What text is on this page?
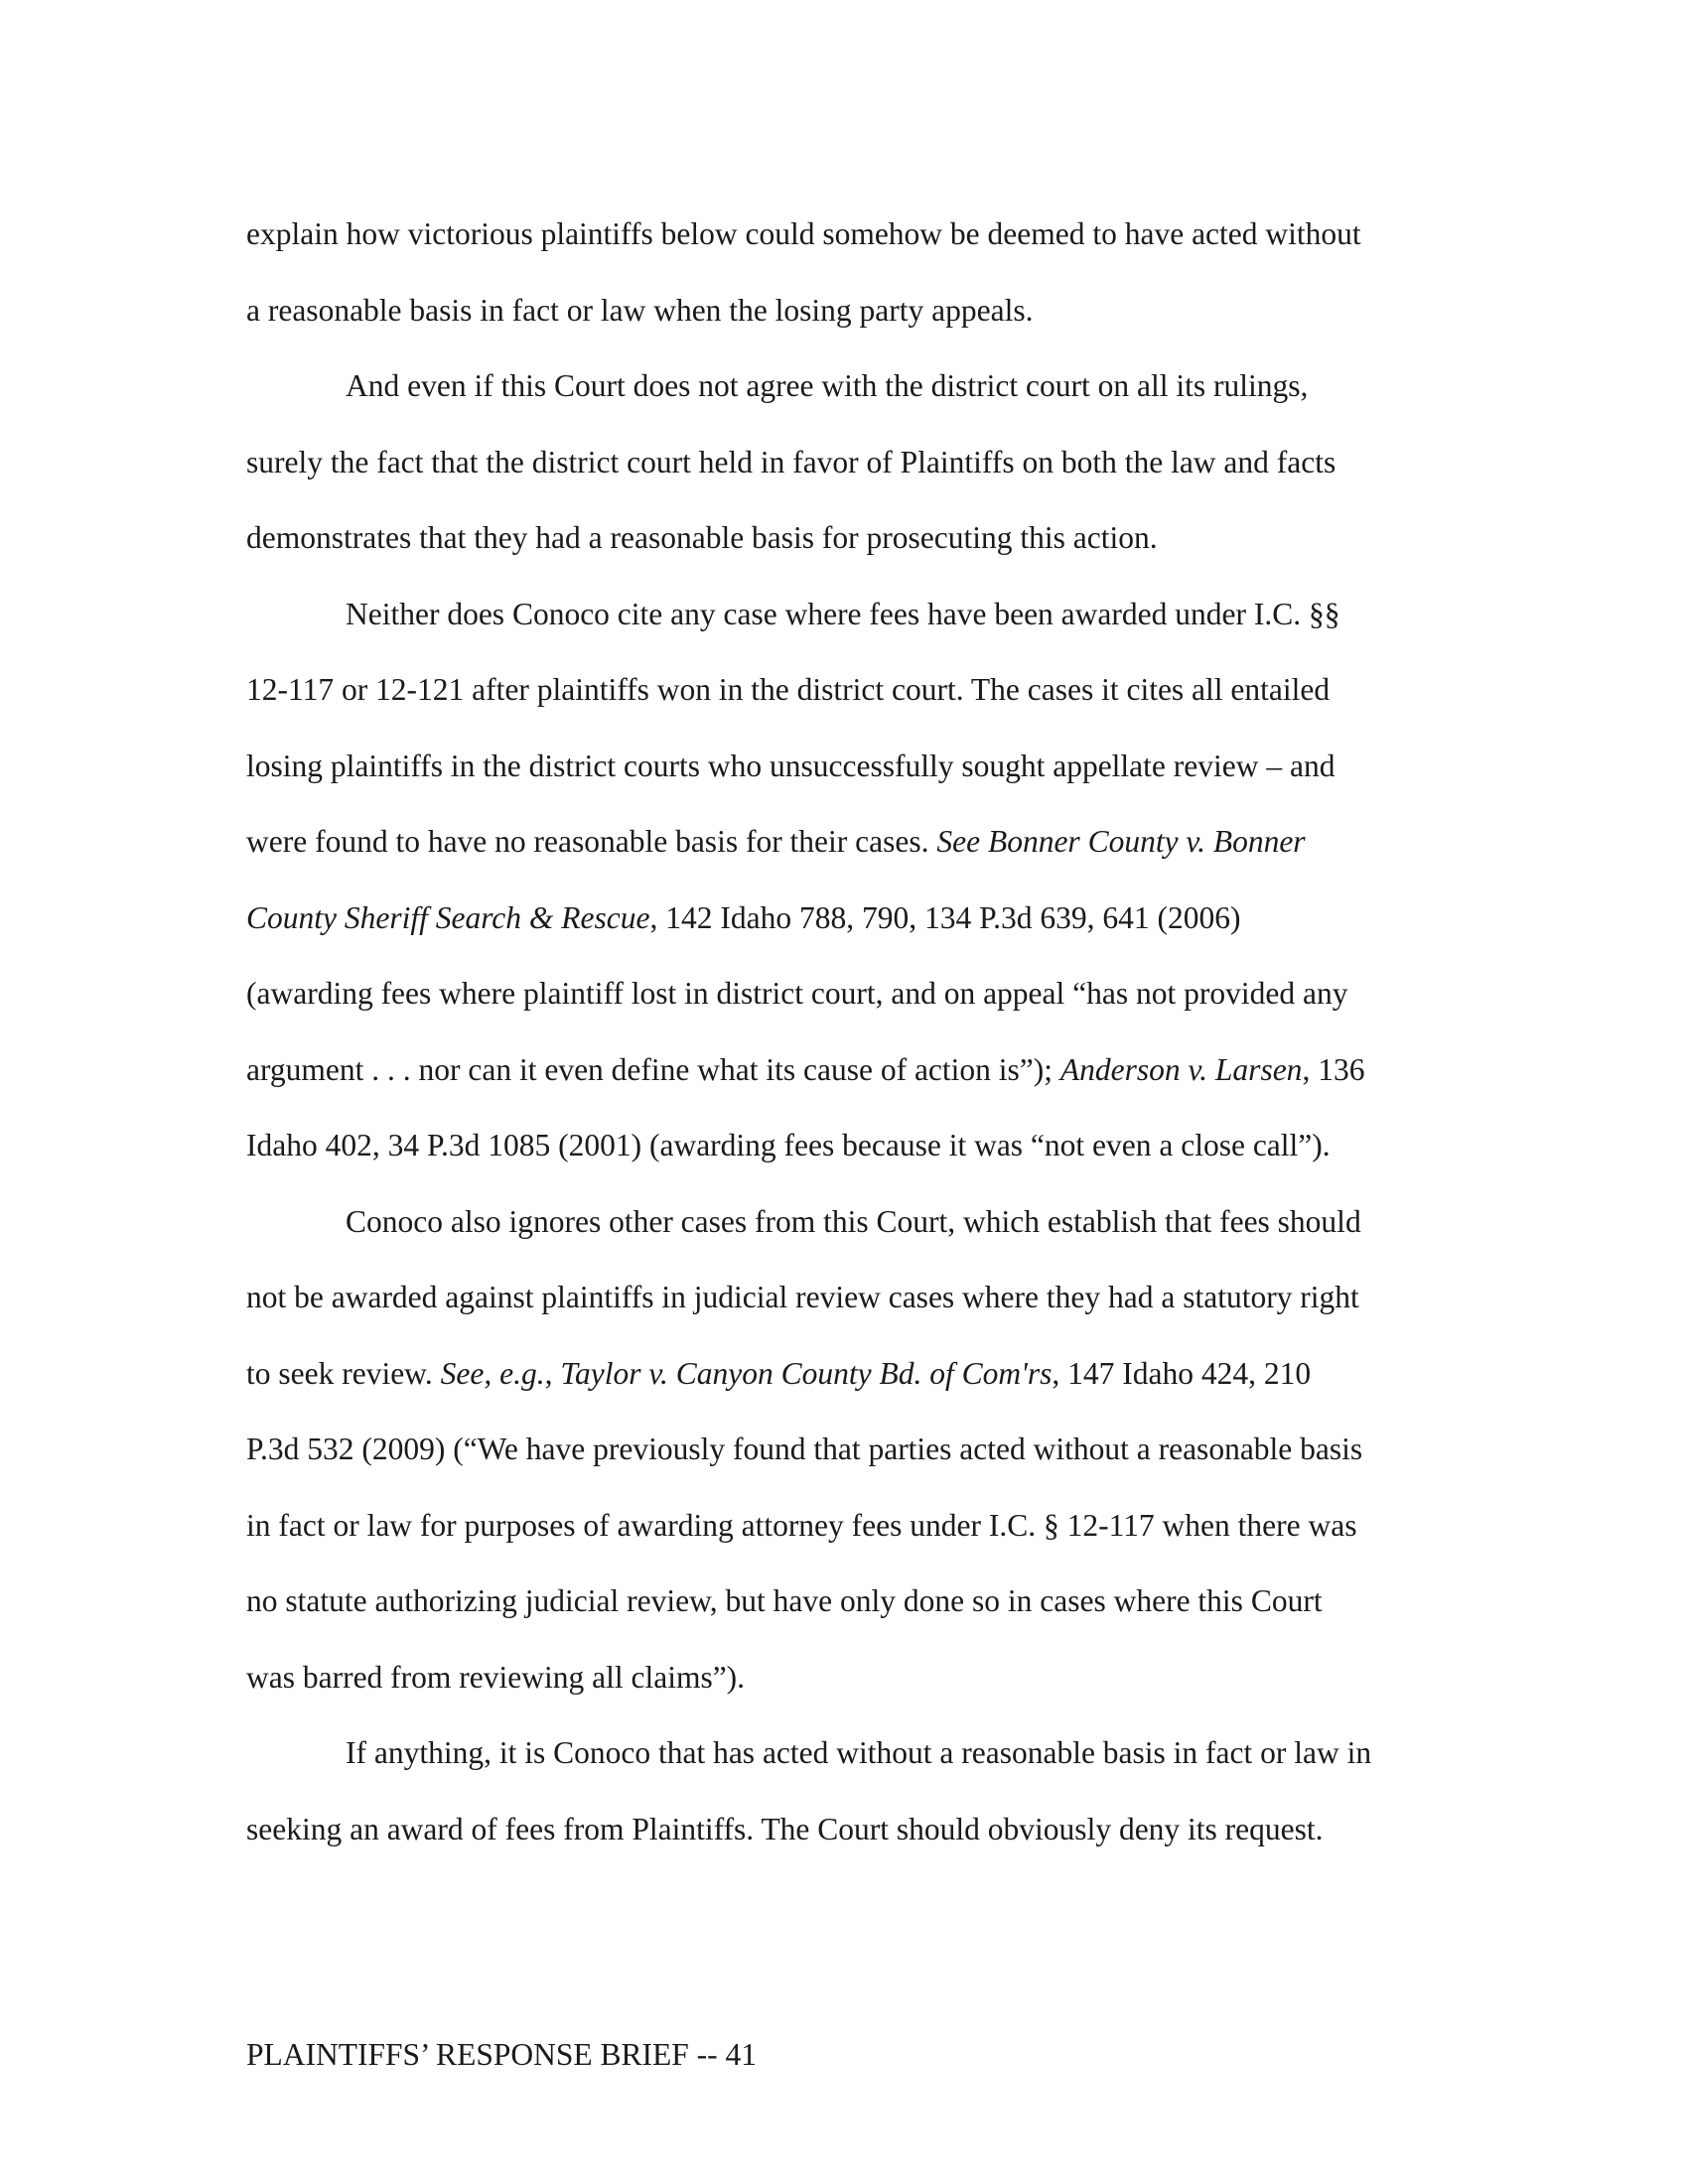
explain how victorious plaintiffs below could somehow be deemed to have acted without
a reasonable basis in fact or law when the losing party appeals.
And even if this Court does not agree with the district court on all its rulings,
surely the fact that the district court held in favor of Plaintiffs on both the law and facts
demonstrates that they had a reasonable basis for prosecuting this action.
Neither does Conoco cite any case where fees have been awarded under I.C. §§
12-117 or 12-121 after plaintiffs won in the district court. The cases it cites all entailed
losing plaintiffs in the district courts who unsuccessfully sought appellate review – and
were found to have no reasonable basis for their cases. See Bonner County v. Bonner
County Sheriff Search & Rescue, 142 Idaho 788, 790, 134 P.3d 639, 641 (2006)
(awarding fees where plaintiff lost in district court, and on appeal “has not provided any
argument . . . nor can it even define what its cause of action is”); Anderson v. Larsen, 136
Idaho 402, 34 P.3d 1085 (2001) (awarding fees because it was “not even a close call”).
Conoco also ignores other cases from this Court, which establish that fees should
not be awarded against plaintiffs in judicial review cases where they had a statutory right
to seek review. See, e.g., Taylor v. Canyon County Bd. of Com'rs, 147 Idaho 424, 210
P.3d 532 (2009) (“We have previously found that parties acted without a reasonable basis
in fact or law for purposes of awarding attorney fees under I.C. § 12-117 when there was
no statute authorizing judicial review, but have only done so in cases where this Court
was barred from reviewing all claims”).
If anything, it is Conoco that has acted without a reasonable basis in fact or law in
seeking an award of fees from Plaintiffs. The Court should obviously deny its request.
PLAINTIFFS’ RESPONSE BRIEF -- 41
